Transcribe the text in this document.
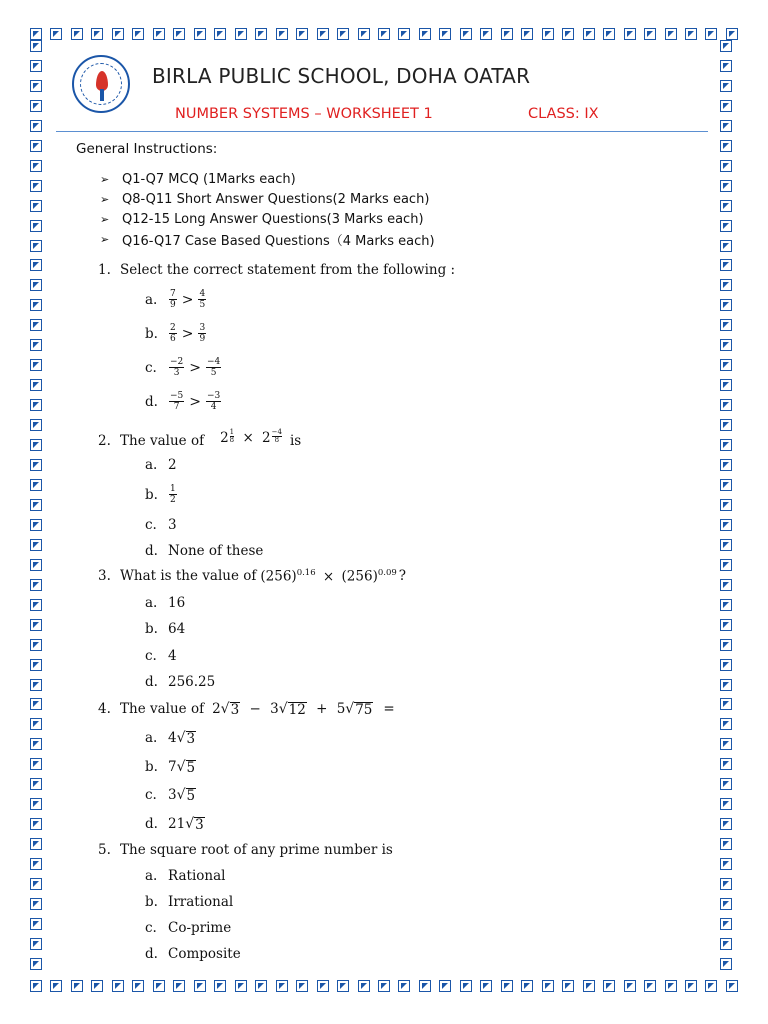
BIRLA PUBLIC SCHOOL, DOHA OATAR
NUMBER SYSTEMS – WORKSHEET 1	CLASS: IX
General Instructions:
➢ Q1-Q7 MCQ (1Marks each)
➢ Q8-Q11 Short Answer Questions(2 Marks each)
➢ Q12-15 Long Answer Questions(3 Marks each)
➢ Q16-Q17 Case Based Questions（4 Marks each)
1. Select the correct statement from the following :
a.	$\frac{7}{9} > \frac{4}{5}$
b.	$\frac{2}{6} > \frac{3}{9}$
c.	$\frac{-2}{3} > \frac{-4}{5}$
d.	$\frac{-5}{7} > \frac{-3}{4}$
2. The value of $2 \frac{1}{8} \times 2 \frac{-4}{8}$ is
a. 2
b.	$\frac{1}{2}$
c. 3
d. None of these
3. What is the value of $(256)^{0.16} \times (256)^{0.09}$ ?
a. 16
b. 64
c. 4
d. 256.25
4. The value of 2 √ 3 − 3 √ 12 + 5 √ 75 =
a. 4 √ 3
b. 7 √ 5
c. 3 √ 5
d. 21 √ 3
5. The square root of any prime number is
a. Rational
b. Irrational
c. Co-prime
d. Composite
